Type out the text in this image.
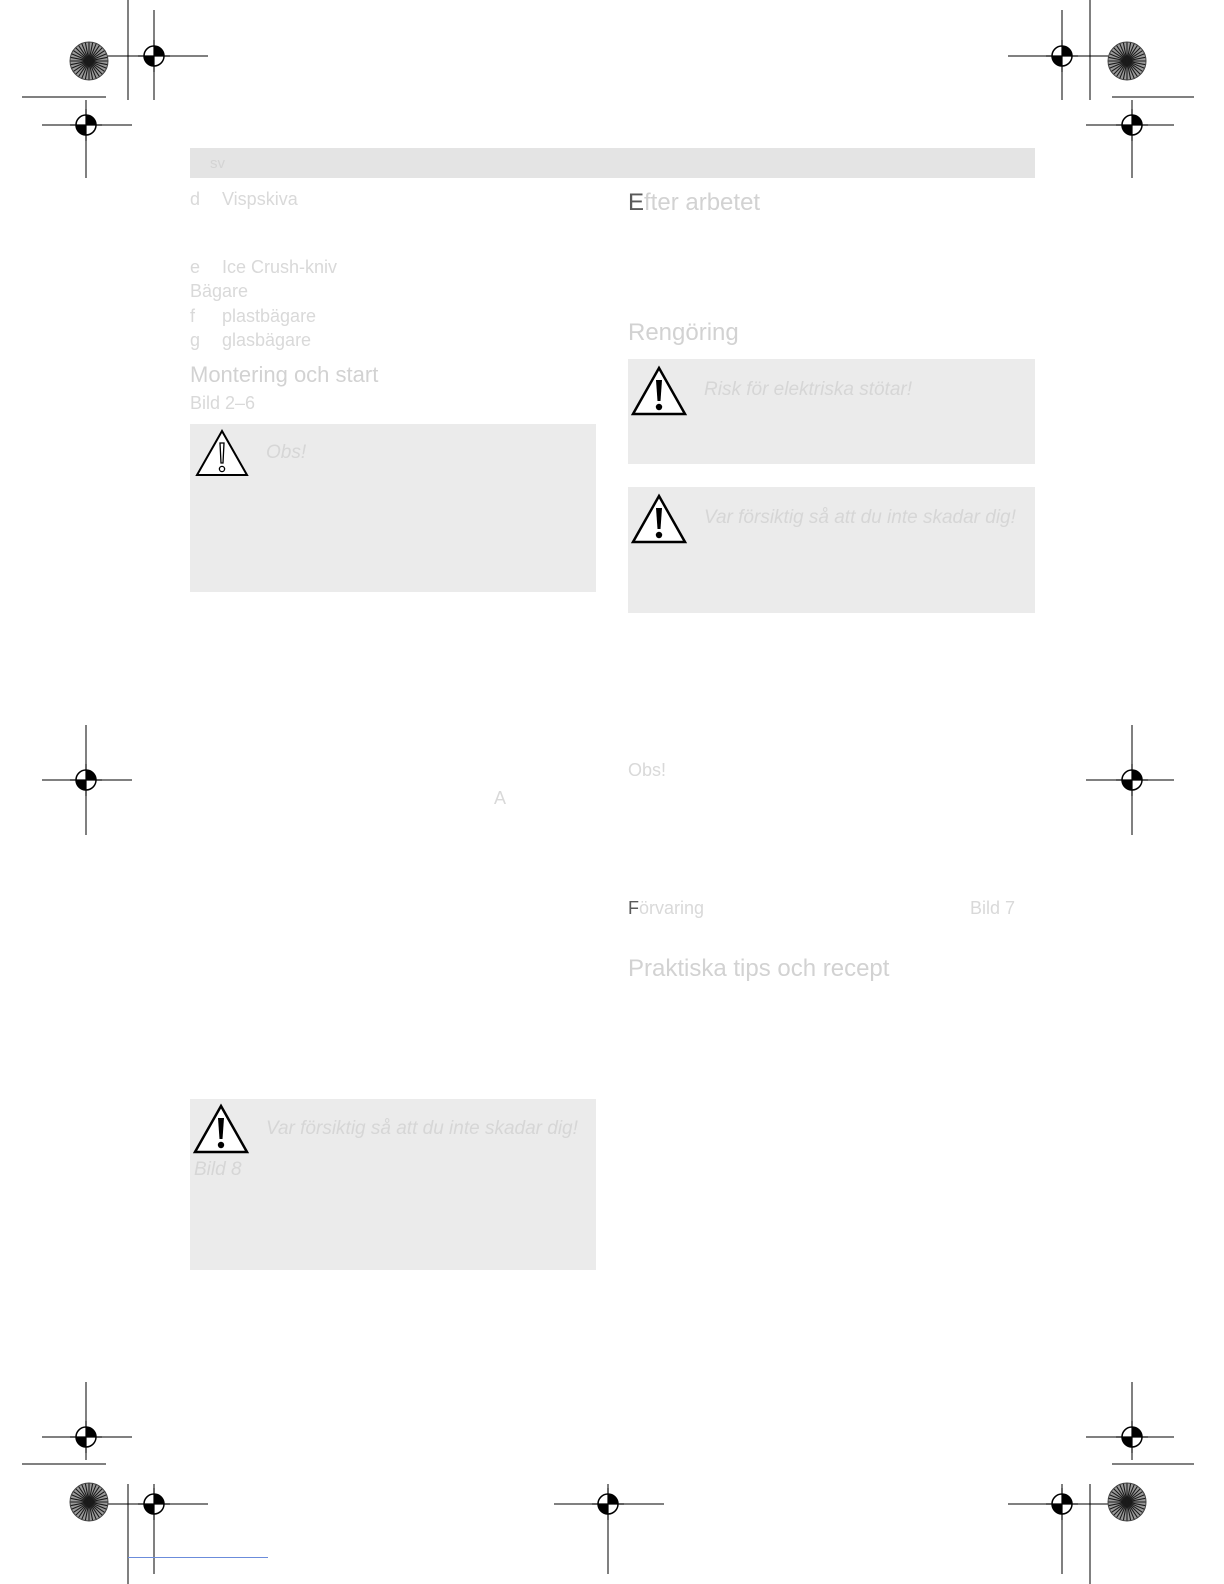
sv
d Vispskiva
e Ice Crush-kniv
Bägare
f plastbägare
g glasbägare
Montering och start
Bild 2–6
Obs!
A
Var försiktig så att du inte skadar dig!
Bild 8
Efter arbetet
Rengöring
Risk för elektriska stötar!
Var försiktig så att du inte skadar dig!
Obs!
Förvaring	Bild 7
Praktiska tips och recept
